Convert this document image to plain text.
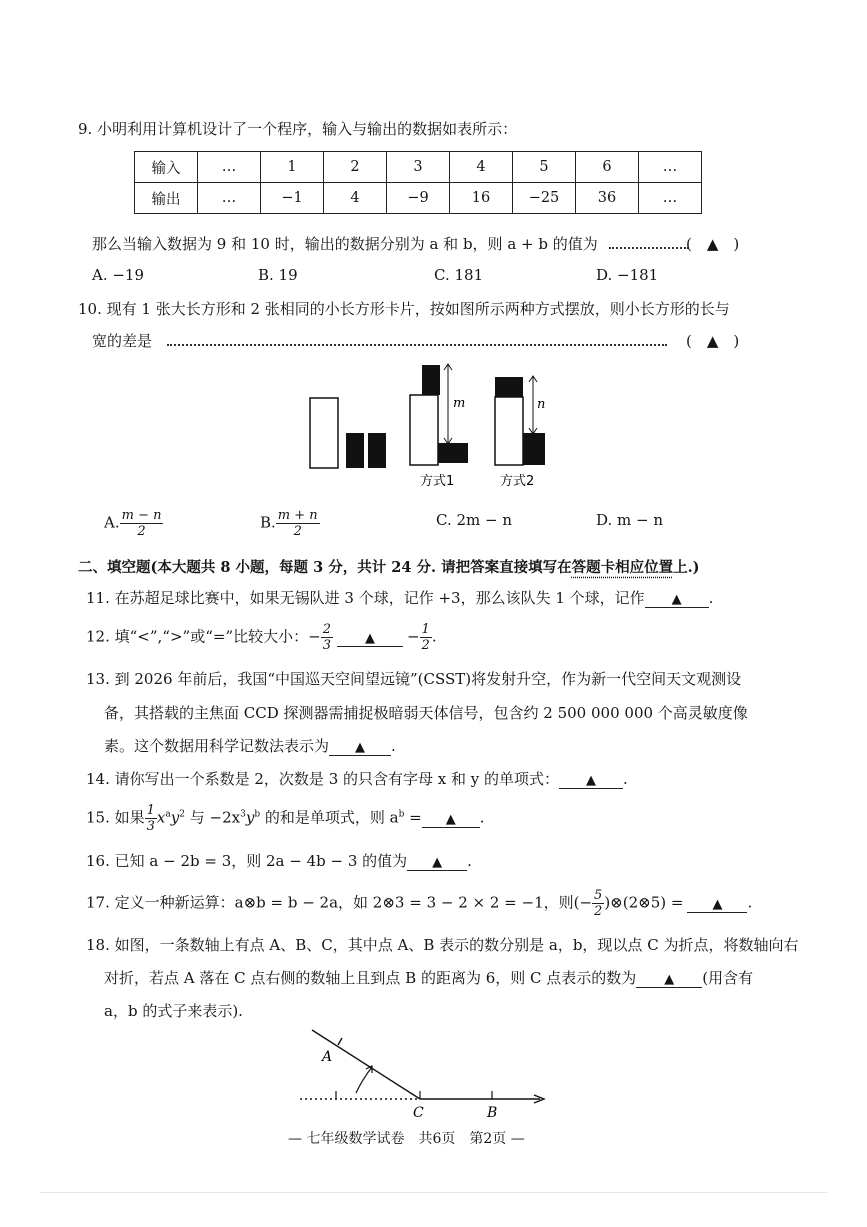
9. 小明利用计算机设计了一个程序，输入与输出的数据如表所示：
输入	…	1	2	3	4	5	6	…
输出	…	−1	4	−9	16	−25	36	…
那么当输入数据为 9 和 10 时，输出的数据分别为 a 和 b，则 a + b 的值为	(　▲　)
A. −19	B. 19	C. 181	D. −181
10. 现有 1 张大长方形和 2 张相同的小长方形卡片，按如图所示两种方式摆放，则小长方形的长与
宽的差是	(　▲　)
m
方式1
n
方式2
A. $\frac{m - n}{2}$	B. $\frac{m + n}{2}$	C. 2m − n	D. m − n
二、填空题(本大题共 8 小题，每题 3 分，共计 24 分. 请把答案直接填写在答题卡相应位置上.)
11. 在苏超足球比赛中，如果无锡队进 3 个球，记作 +3，那么该队失 1 个球，记作 ▲ .
12. 填“<”,“>”或“=”比较大小：− $\frac{2}{3}$ ▲ − $\frac{1}{2}$ .
13. 到 2026 年前后，我国“中国巡天空间望远镜”(CSST)将发射升空，作为新一代空间天文观测设
备，其搭载的主焦面 CCD 探测器需捕捉极暗弱天体信号，包含约 2 500 000 000 个高灵敏度像
素。这个数据用科学记数法表示为 ▲ .
14. 请你写出一个系数是 2，次数是 3 的只含有字母 x 和 y 的单项式： ▲ .
15. 如果 $\frac{1}{3} x^ay^2$ 与 $-2x^3y^b$ 的和是单项式，则 $a^b$ = ▲ .
16. 已知 a − 2b = 3，则 2a − 4b − 3 的值为 ▲ .
17. 定义一种新运算：a⊗b = b − 2a，如 2⊗3 = 3 − 2 × 2 = −1，则(− $\frac{5}{2}$ )⊗(2⊗5) = ▲ .
18. 如图，一条数轴上有点 A、B、C，其中点 A、B 表示的数分别是 a，b，现以点 C 为折点，将数轴向右
对折，若点 A 落在 C 点右侧的数轴上且到点 B 的距离为 6，则 C 点表示的数为 ▲ (用含有
a，b 的式子来表示).
A
C	B
— 七年级数学试卷　共6页　第2页 —
